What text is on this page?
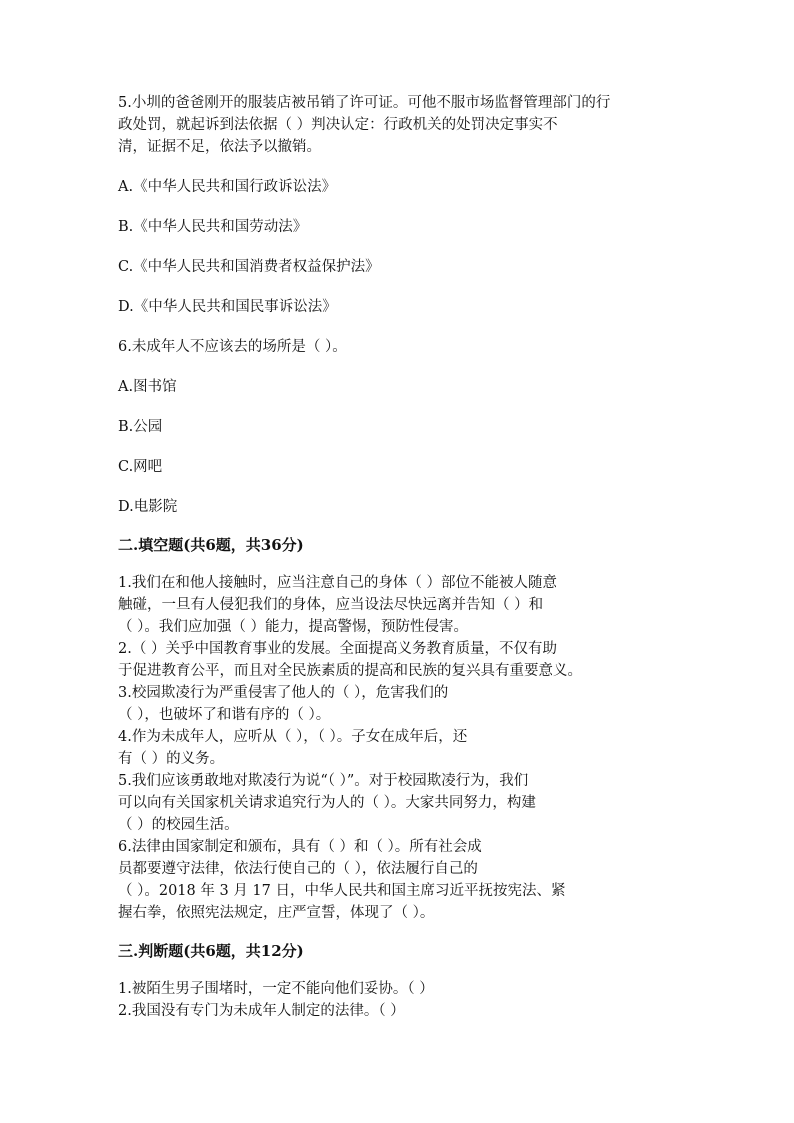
5.小圳的爸爸刚开的服装店被吊销了许可证。可他不服市场监督管理部门的行

政处罚，就起诉到法依据（ ）判决认定：行政机关的处罚决定事实不

清，证据不足，依法予以撤销。

A.《中华人民共和国行政诉讼法》

B.《中华人民共和国劳动法》

C.《中华人民共和国消费者权益保护法》

D.《中华人民共和国民事诉讼法》

6.未成年人不应该去的场所是（ ）。

A.图书馆

B.公园

C.网吧

D.电影院

二.填空题(共6题，共36分)

1.我们在和他人接触时，应当注意自己的身体（ ）部位不能被人随意

触碰，一旦有人侵犯我们的身体，应当设法尽快远离并告知（ ）和

（ ）。我们应加强（ ）能力，提高警惕，预防性侵害。

2.（ ）关乎中国教育事业的发展。全面提高义务教育质量，不仅有助

于促进教育公平，而且对全民族素质的提高和民族的复兴具有重要意义。

3.校园欺凌行为严重侵害了他人的（ ），危害我们的

（ ），也破坏了和谐有序的（ ）。

4.作为未成年人，应听从（ ），（ ）。子女在成年后，还

有（ ）的义务。

5.我们应该勇敢地对欺凌行为说“（ ）”。对于校园欺凌行为，我们

可以向有关国家机关请求追究行为人的（ ）。大家共同努力，构建

（ ）的校园生活。

6.法律由国家制定和颁布，具有（ ）和（ ）。所有社会成

员都要遵守法律，依法行使自己的（ ），依法履行自己的

（ ）。2018 年 3 月 17 日，中华人民共和国主席习近平抚按宪法、紧

握右拳，依照宪法规定，庄严宣誓，体现了（ ）。

三.判断题(共6题，共12分)

1.被陌生男子围堵时，一定不能向他们妥协。（ ）

2.我国没有专门为未成年人制定的法律。（ ）
